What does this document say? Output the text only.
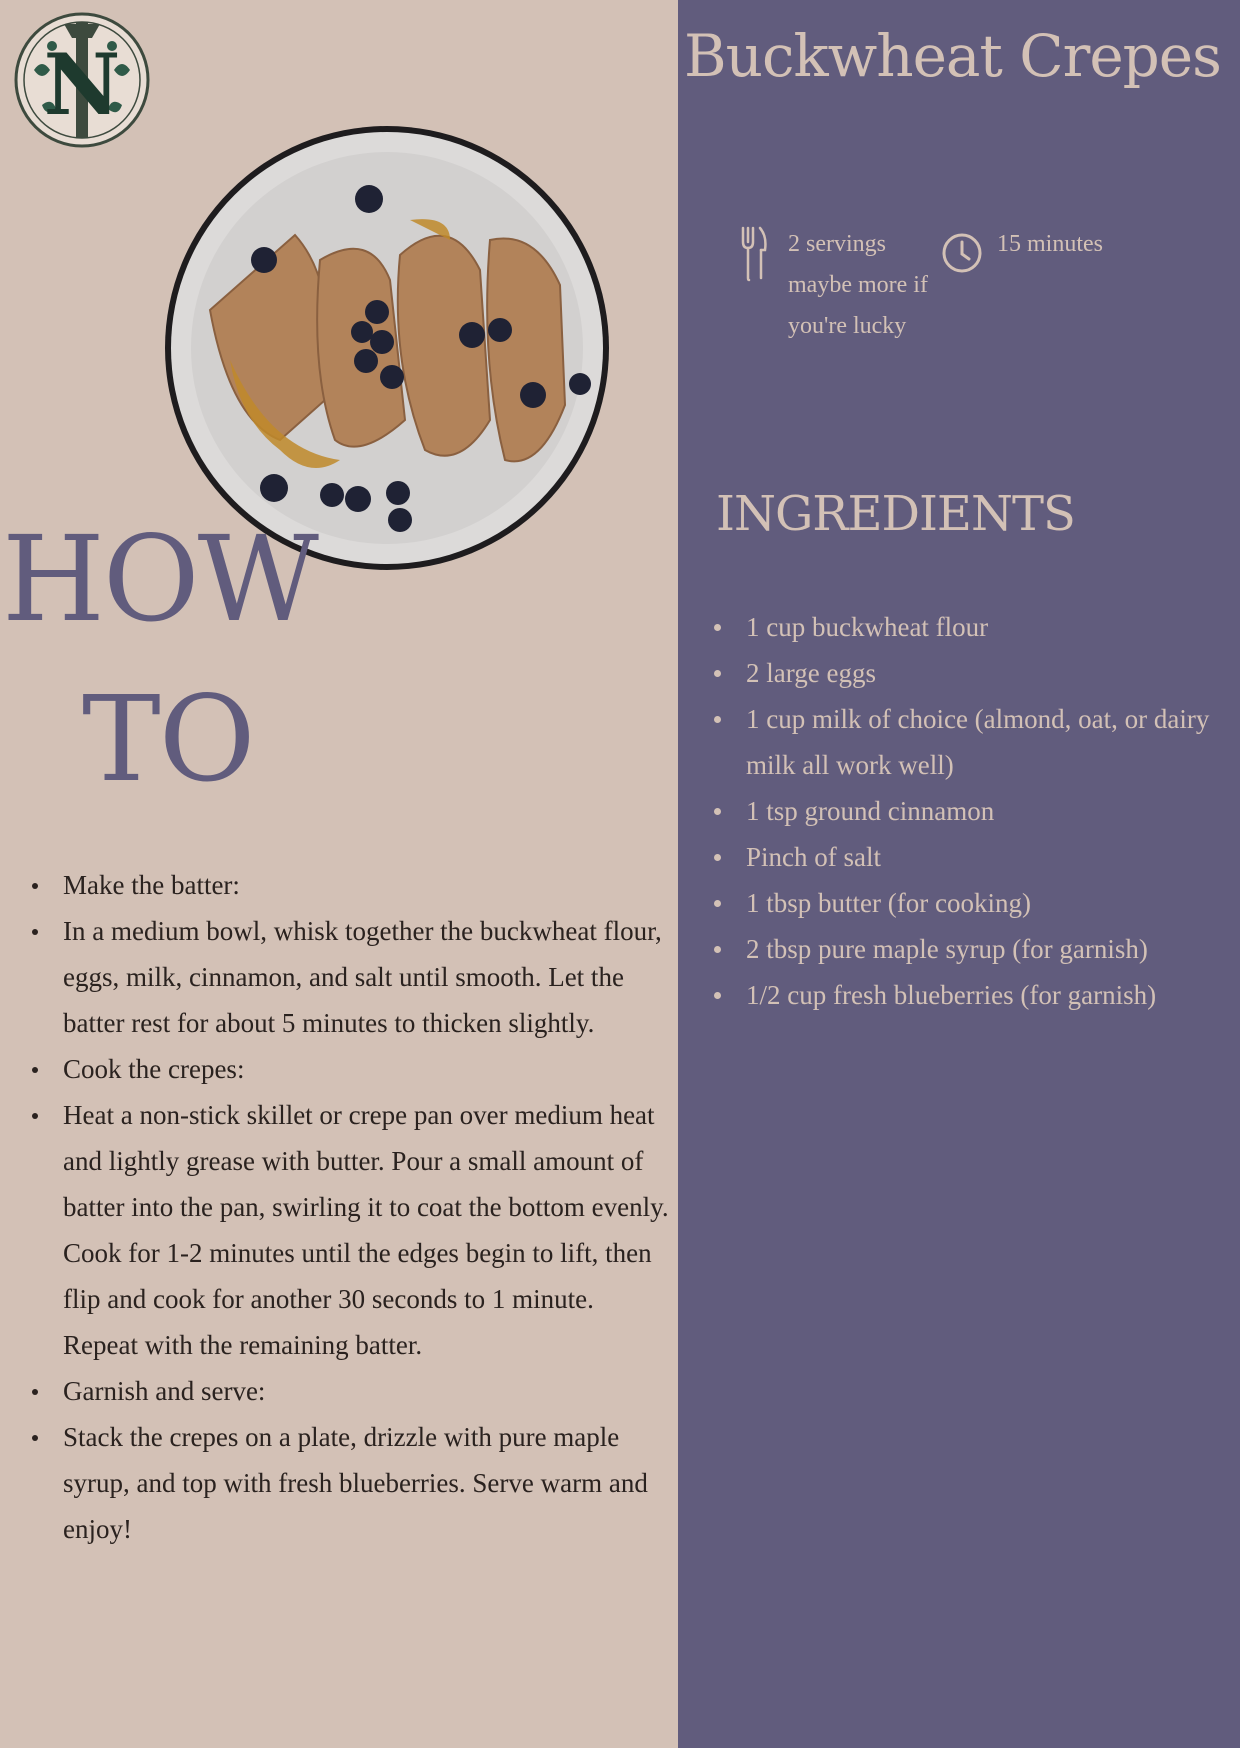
N
HOW
TO
Make the batter:
In a medium bowl, whisk together the buckwheat flour, eggs, milk, cinnamon, and salt until smooth. Let the batter rest for about 5 minutes to thicken slightly.
Cook the crepes:
Heat a non-stick skillet or crepe pan over medium heat and lightly grease with butter. Pour a small amount of batter into the pan, swirling it to coat the bottom evenly. Cook for 1-2 minutes until the edges begin to lift, then flip and cook for another 30 seconds to 1 minute. Repeat with the remaining batter.
Garnish and serve:
Stack the crepes on a plate, drizzle with pure maple syrup, and top with fresh blueberries. Serve warm and enjoy!
Buckwheat Crepes
2 servings maybe more if you're lucky
15 minutes
INGREDIENTS
1 cup buckwheat flour
2 large eggs
1 cup milk of choice (almond, oat, or dairy milk all work well)
1 tsp ground cinnamon
Pinch of salt
1 tbsp butter (for cooking)
2 tbsp pure maple syrup (for garnish)
1/2 cup fresh blueberries (for garnish)
